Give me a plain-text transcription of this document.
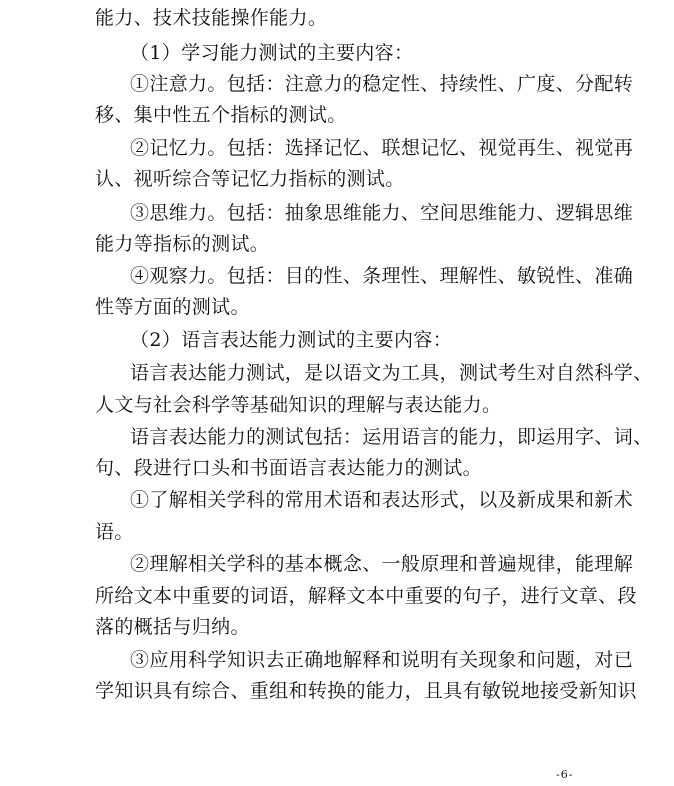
能力、技术技能操作能力。
（1）学习能力测试的主要内容：
①注意力。包括：注意力的稳定性、持续性、广度、分配转
移、集中性五个指标的测试。
②记忆力。包括：选择记忆、联想记忆、视觉再生、视觉再
认、视听综合等记忆力指标的测试。
③思维力。包括：抽象思维能力、空间思维能力、逻辑思维
能力等指标的测试。
④观察力。包括：目的性、条理性、理解性、敏锐性、准确
性等方面的测试。
（2）语言表达能力测试的主要内容：
语言表达能力测试，是以语文为工具，测试考生对自然科学、
人文与社会科学等基础知识的理解与表达能力。
语言表达能力的测试包括：运用语言的能力，即运用字、词、
句、段进行口头和书面语言表达能力的测试。
①了解相关学科的常用术语和表达形式，以及新成果和新术
语。
②理解相关学科的基本概念、一般原理和普遍规律，能理解
所给文本中重要的词语，解释文本中重要的句子，进行文章、段
落的概括与归纳。
③应用科学知识去正确地解释和说明有关现象和问题，对已
学知识具有综合、重组和转换的能力，且具有敏锐地接受新知识
-6-
